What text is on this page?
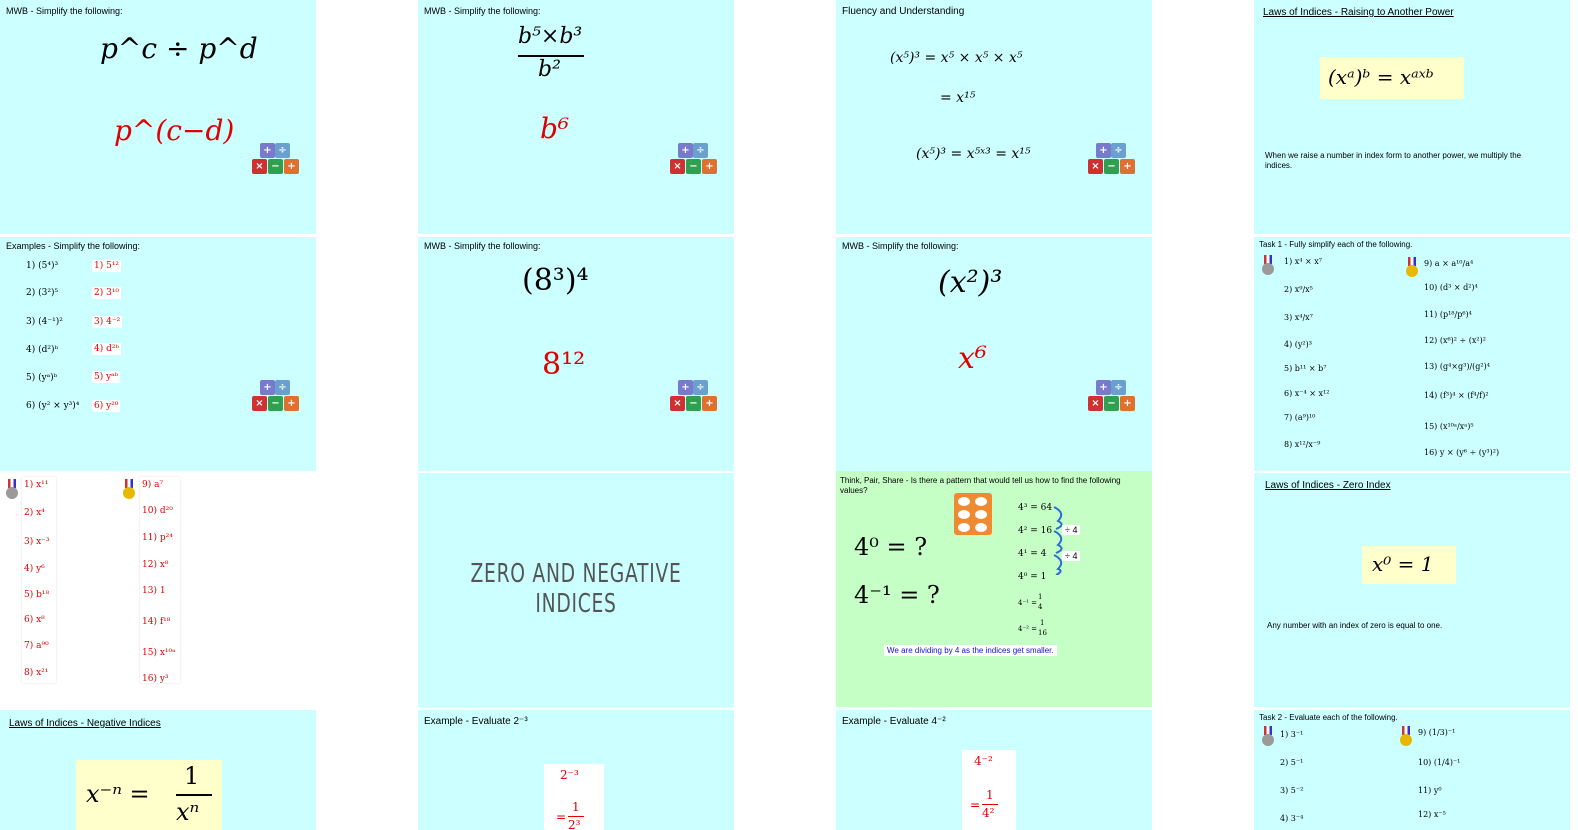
MWB - Simplify the following:
p^c ÷ p^d
p^(c−d)
+ ÷
× − +
Examples - Simplify the following:
1) (5⁴)³
2) (3²)⁵
3) (4⁻¹)²
4) (d²)ᵇ
5) (yᵃ)ᵇ
6) (y² × y³)⁴
1) 5¹²
2) 3¹⁰
3) 4⁻²
4) d²ᵇ
5) yᵃᵇ
6) y²⁰
+ ÷
× − +
1) x¹¹
2) x⁴
3) x⁻³
4) y⁶
5) b¹⁸
6) x⁸
7) a⁹⁰
8) x²¹
9) a⁷
10) d²⁰
11) p²⁴
12) x⁸
13) 1
14) f¹⁸
15) x¹⁰ᵃ
16) y³
Laws of Indices - Negative Indices
x⁻ⁿ =
1
xⁿ
MWB - Simplify the following:
b⁵×b³
b²
b⁶
+ ÷
× − +
MWB - Simplify the following:
(8³)⁴
8¹²
+ ÷
× − +
ZERO AND NEGATIVE INDICES
Example - Evaluate 2⁻³
2⁻³
=
1
2³
Fluency and Understanding
(x⁵)³ = x⁵ × x⁵ × x⁵
= x¹⁵
(x⁵)³ = x⁵ˣ³ = x¹⁵	+ ÷
× − +
MWB - Simplify the following:
(x²)³
x⁶
+ ÷
× − +
Think, Pair, Share - Is there a pattern that would tell us how to find the following values?
4⁰ = ?
4⁻¹ = ?
4³ = 64
4² = 16
4¹ = 4
4⁰ = 1
4⁻¹ =
1
4
4⁻² =
1
16
÷ 4
÷ 4
We are dividing by 4 as the indices get smaller.
Example - Evaluate 4⁻²
4⁻²
=
1
4²
Laws of Indices - Raising to Another Power
(xᵃ)ᵇ = xᵃˣᵇ
When we raise a number in index form to another power, we multiply the indices.
Task 1 - Fully simplify each of the following.
1) x⁴ × x⁷
2) x⁹/x⁵
3) x⁴/x⁷
4) (y²)³
5) b¹¹ × b⁷
6) x⁻⁴ × x¹²
7) (a⁹)¹⁰
8) x¹²/x⁻⁹
9) a × a¹⁰/a⁴
10) (d³ × d²)⁴
11) (p¹⁸/p⁶)⁴
12) (x⁶)² ÷ (x²)²
13) (g⁴×g³)/(g²)⁴
14) (f³)⁴ × (f⁴/f)²
15) (x¹⁰ᵃ/xᵃ)⁵
16) y × (y⁶ ÷ (y³)²)
Laws of Indices - Zero Index
x⁰ = 1
Any number with an index of zero is equal to one.
Task 2 - Evaluate each of the following.
1) 3⁻¹
2) 5⁻¹
3) 5⁻²
4) 3⁻⁴
9) (1/3)⁻¹
10) (1/4)⁻¹
11) y⁰
12) x⁻⁵
